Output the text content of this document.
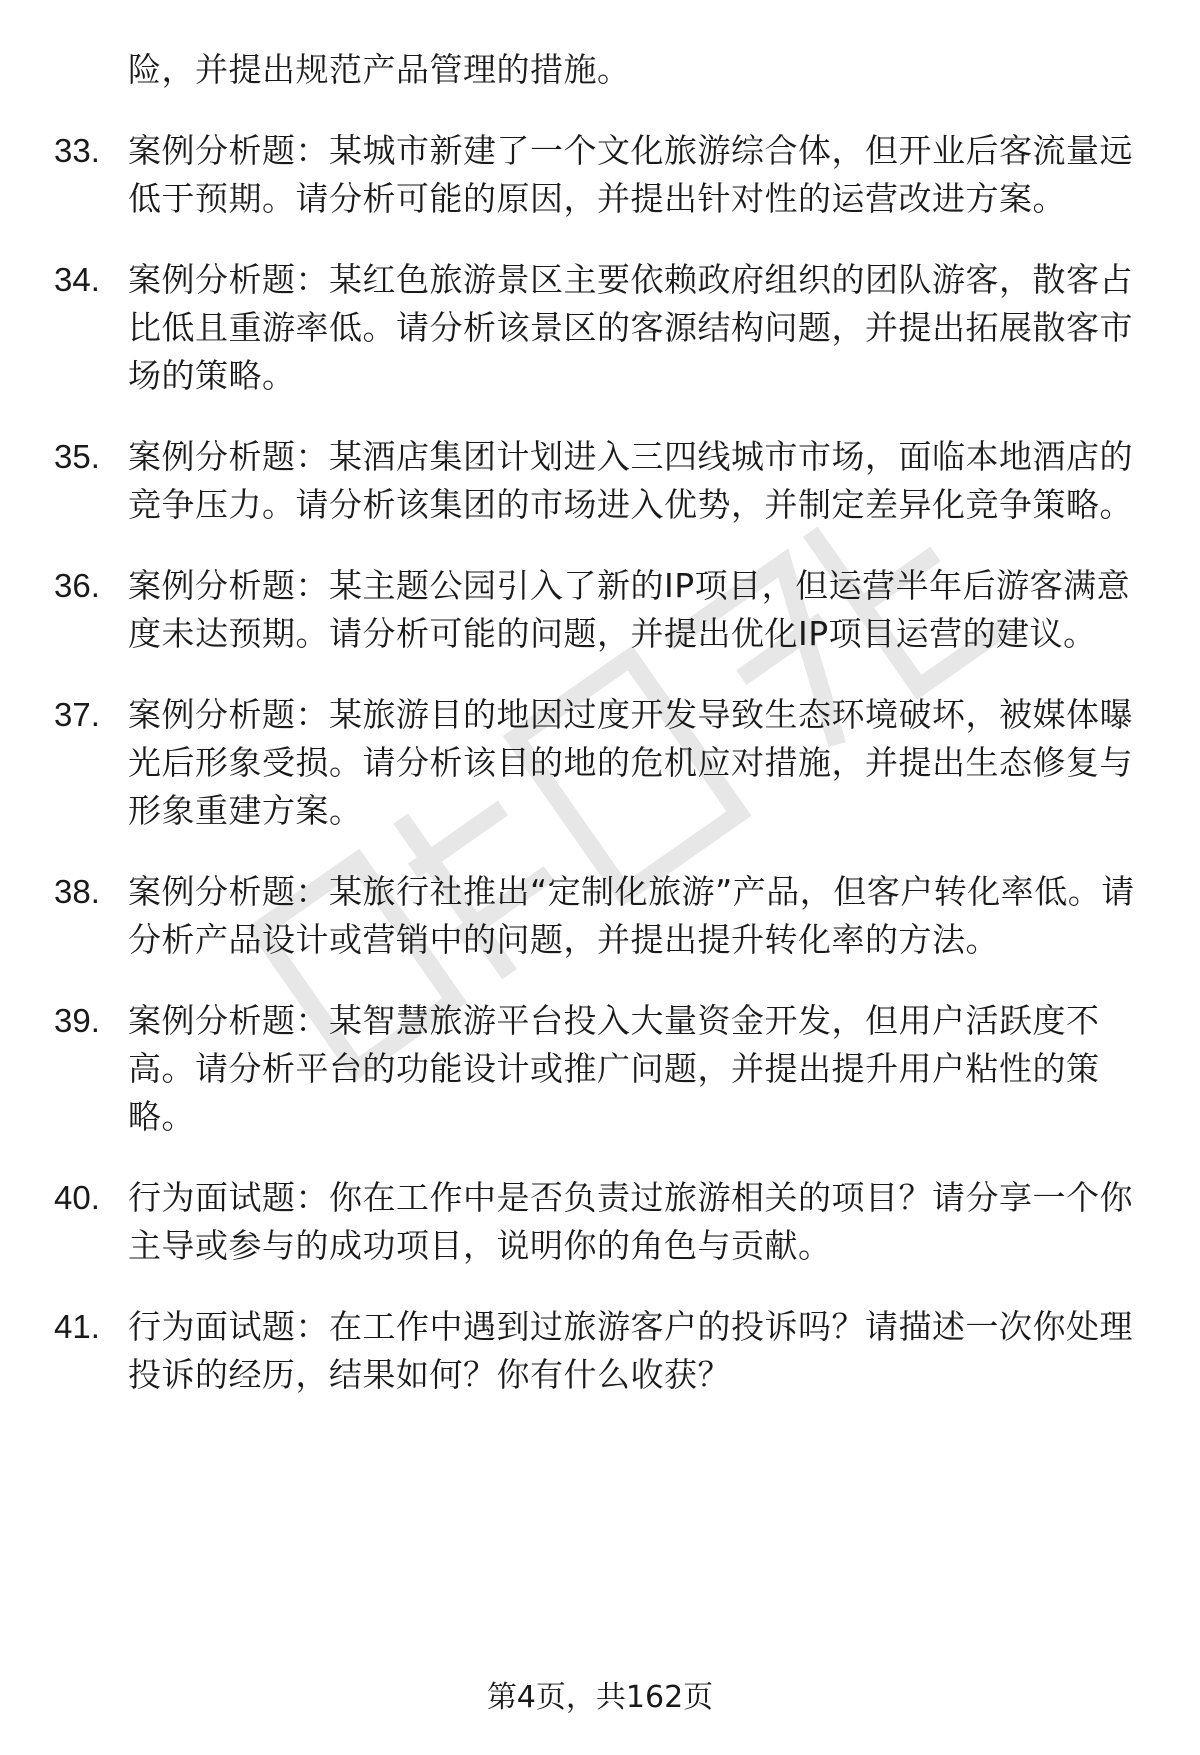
险，并提出规范产品管理的措施。
33. 案例分析题：某城市新建了一个文化旅游综合体，但开业后客流量远低于预期。请分析可能的原因，并提出针对性的运营改进方案。
34. 案例分析题：某红色旅游景区主要依赖政府组织的团队游客，散客占比低且重游率低。请分析该景区的客源结构问题，并提出拓展散客市场的策略。
35. 案例分析题：某酒店集团计划进入三四线城市市场，面临本地酒店的竞争压力。请分析该集团的市场进入优势，并制定差异化竞争策略。
36. 案例分析题：某主题公园引入了新的IP项目，但运营半年后游客满意度未达预期。请分析可能的问题，并提出优化IP项目运营的建议。
37. 案例分析题：某旅游目的地因过度开发导致生态环境破坏，被媒体曝光后形象受损。请分析该目的地的危机应对措施，并提出生态修复与形象重建方案。
38. 案例分析题：某旅行社推出“定制化旅游”产品，但客户转化率低。请分析产品设计或营销中的问题，并提出提升转化率的方法。
39. 案例分析题：某智慧旅游平台投入大量资金开发，但用户活跃度不高。请分析平台的功能设计或推广问题，并提出提升用户粘性的策略。
40. 行为面试题：你在工作中是否负责过旅游相关的项目？请分享一个你主导或参与的成功项目，说明你的角色与贡献。
41. 行为面试题：在工作中遇到过旅游客户的投诉吗？请描述一次你处理投诉的经历，结果如何？你有什么收获？
第4页，共162页
